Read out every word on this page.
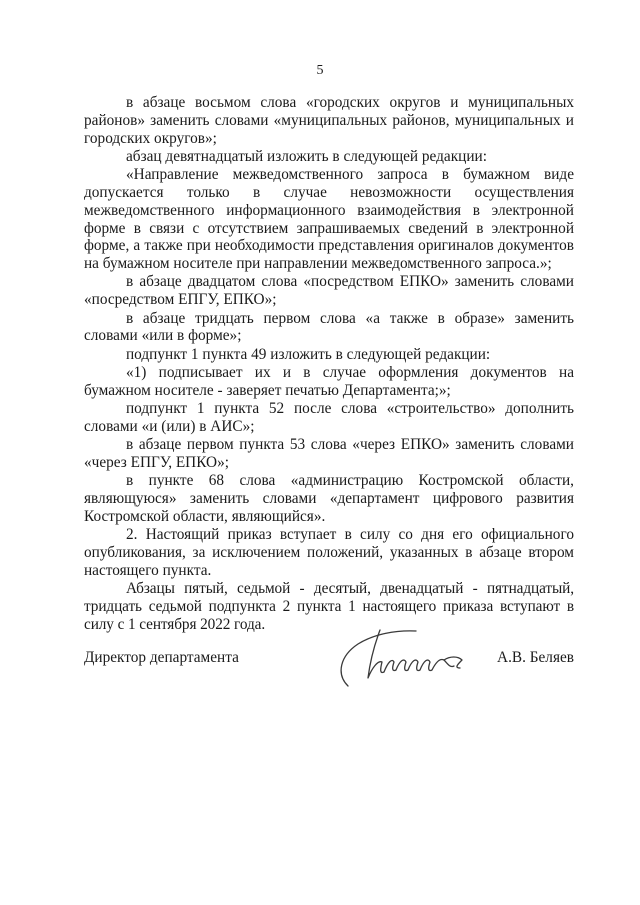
5

в абзаце восьмом слова «городских округов и муниципальных районов» заменить словами «муниципальных районов, муниципальных и городских округов»;

абзац девятнадцатый изложить в следующей редакции:

«Направление межведомственного запроса в бумажном виде допускается только в случае невозможности осуществления межведомственного информационного взаимодействия в электронной форме в связи с отсутствием запрашиваемых сведений в электронной форме, а также при необходимости представления оригиналов документов на бумажном носителе при направлении межведомственного запроса.»;

в абзаце двадцатом слова «посредством ЕПКО» заменить словами «посредством ЕПГУ, ЕПКО»;

в абзаце тридцать первом слова «а также в образе» заменить словами «или в форме»;

подпункт 1 пункта 49 изложить в следующей редакции:

«1) подписывает их и в случае оформления документов на бумажном носителе - заверяет печатью Департамента;»;

подпункт 1 пункта 52 после слова «строительство» дополнить словами «и (или) в АИС»;

в абзаце первом пункта 53 слова «через ЕПКО» заменить словами «через ЕПГУ, ЕПКО»;

в пункте 68 слова «администрацию Костромской области, являющуюся» заменить словами «департамент цифрового развития Костромской области, являющийся».

2. Настоящий приказ вступает в силу со дня его официального опубликования, за исключением положений, указанных в абзаце втором настоящего пункта.

Абзацы пятый, седьмой - десятый, двенадцатый - пятнадцатый, тридцать седьмой подпункта 2 пункта 1 настоящего приказа вступают в силу с 1 сентября 2022 года.

Директор департамента	А.В. Беляев
